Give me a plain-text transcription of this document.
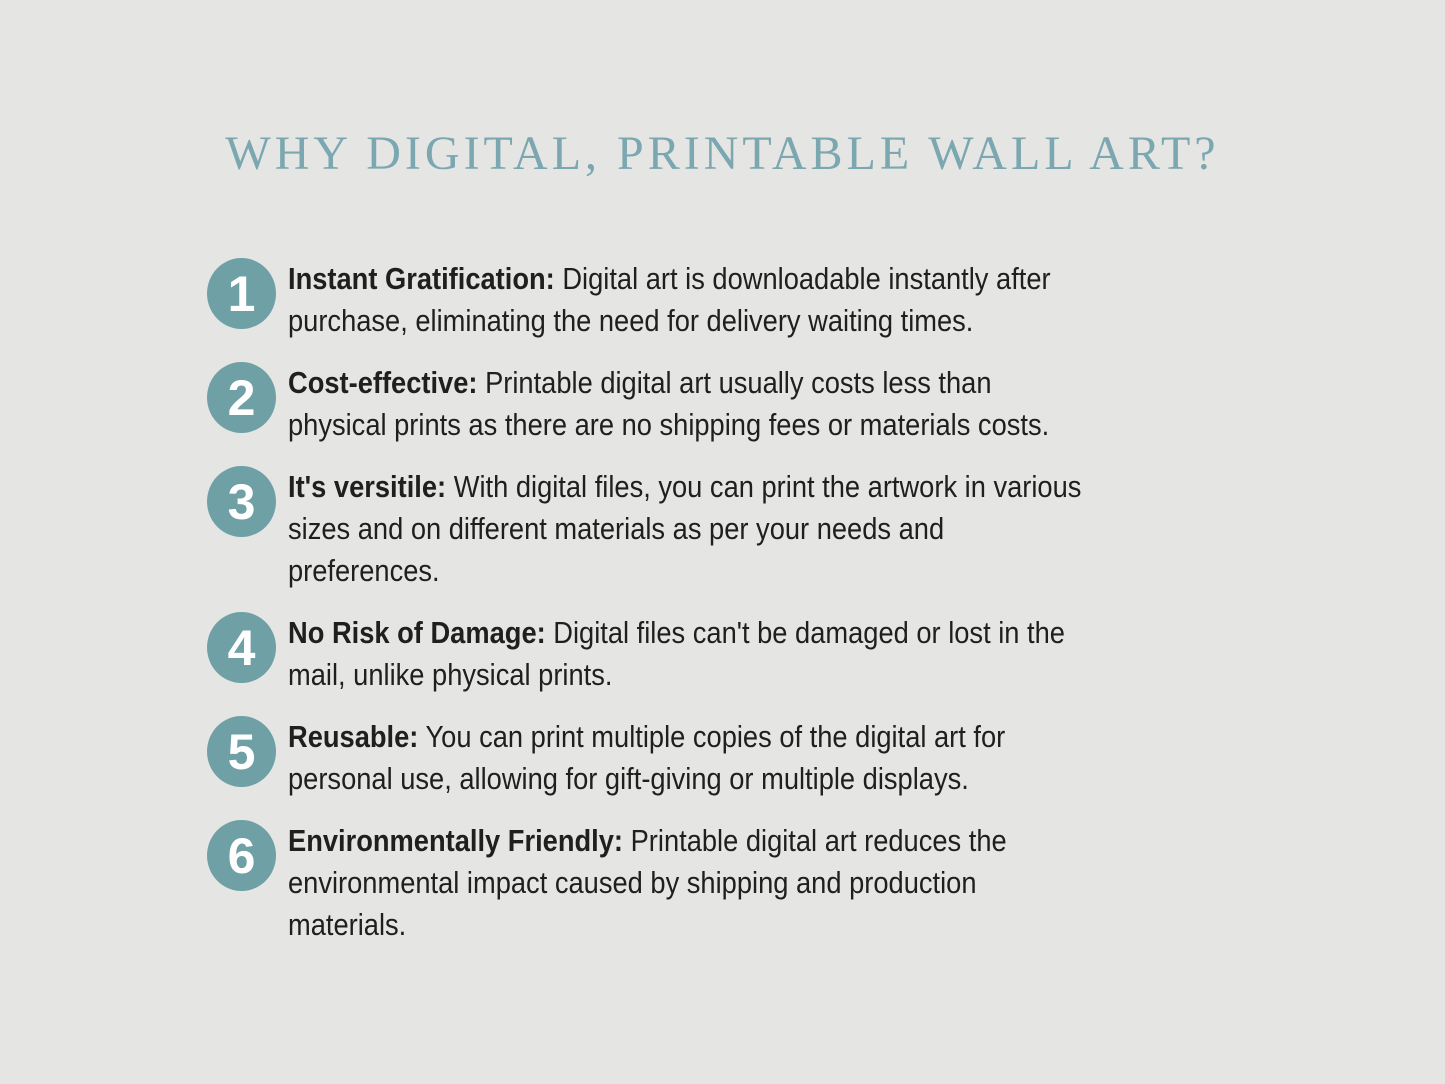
WHY DIGITAL, PRINTABLE WALL ART?
1	Instant Gratification: Digital art is downloadable instantly after
purchase, eliminating the need for delivery waiting times.
2	Cost-effective: Printable digital art usually costs less than
physical prints as there are no shipping fees or materials costs.
3	It's versitile: With digital files, you can print the artwork in various
sizes and on different materials as per your needs and
preferences.
4	No Risk of Damage: Digital files can't be damaged or lost in the
mail, unlike physical prints.
5	Reusable: You can print multiple copies of the digital art for
personal use, allowing for gift-giving or multiple displays.
6	Environmentally Friendly: Printable digital art reduces the
environmental impact caused by shipping and production
materials.
